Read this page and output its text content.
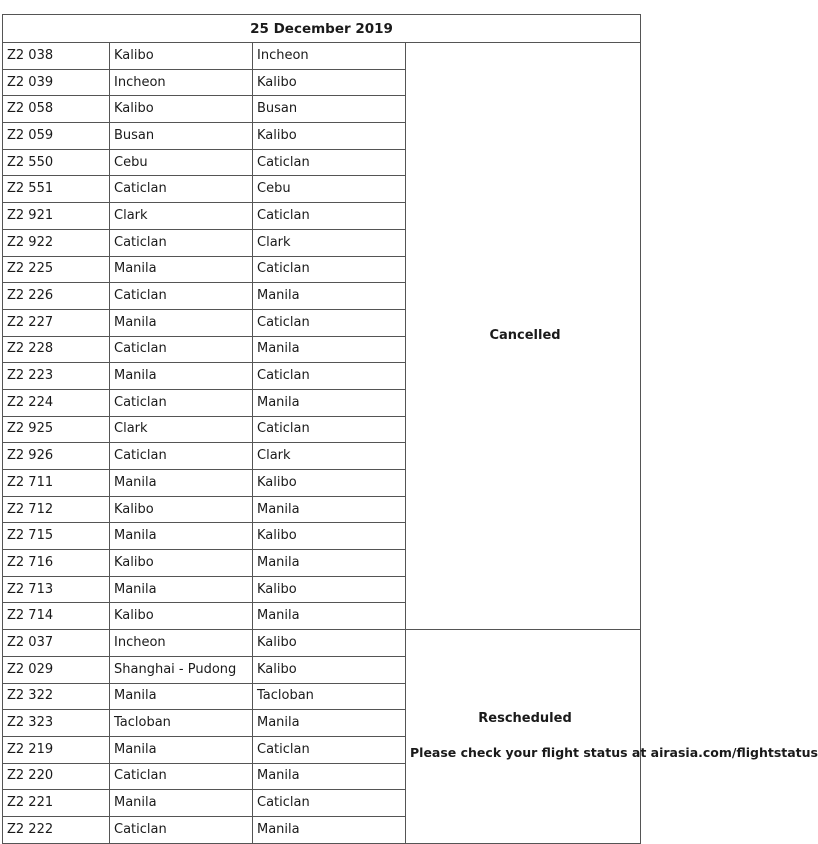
25 December 2019			
Z2 038	Kalibo	Incheon	Cancelled

Z2 039	Incheon	Kalibo	
Z2 058	Kalibo	Busan	
Z2 059	Busan	Kalibo	
Z2 550	Cebu	Caticlan	
Z2 551	Caticlan	Cebu	
Z2 921	Clark	Caticlan	
Z2 922	Caticlan	Clark	
Z2 225	Manila	Caticlan	
Z2 226	Caticlan	Manila	
Z2 227	Manila	Caticlan	
Z2 228	Caticlan	Manila	
Z2 223	Manila	Caticlan	
Z2 224	Caticlan	Manila	
Z2 925	Clark	Caticlan	
Z2 926	Caticlan	Clark	
Z2 711	Manila	Kalibo	
Z2 712	Kalibo	Manila	
Z2 715	Manila	Kalibo	
Z2 716	Kalibo	Manila	
Z2 713	Manila	Kalibo	
Z2 714	Kalibo	Manila	
Z2 037	Incheon	Kalibo	Rescheduled
Please check your flight status at airasia.com/flightstatus

Z2 029	Shanghai - Pudong	Kalibo	
Z2 322	Manila	Tacloban	
Z2 323	Tacloban	Manila	
Z2 219	Manila	Caticlan	
Z2 220	Caticlan	Manila	
Z2 221	Manila	Caticlan	
Z2 222	Caticlan	Manila	
